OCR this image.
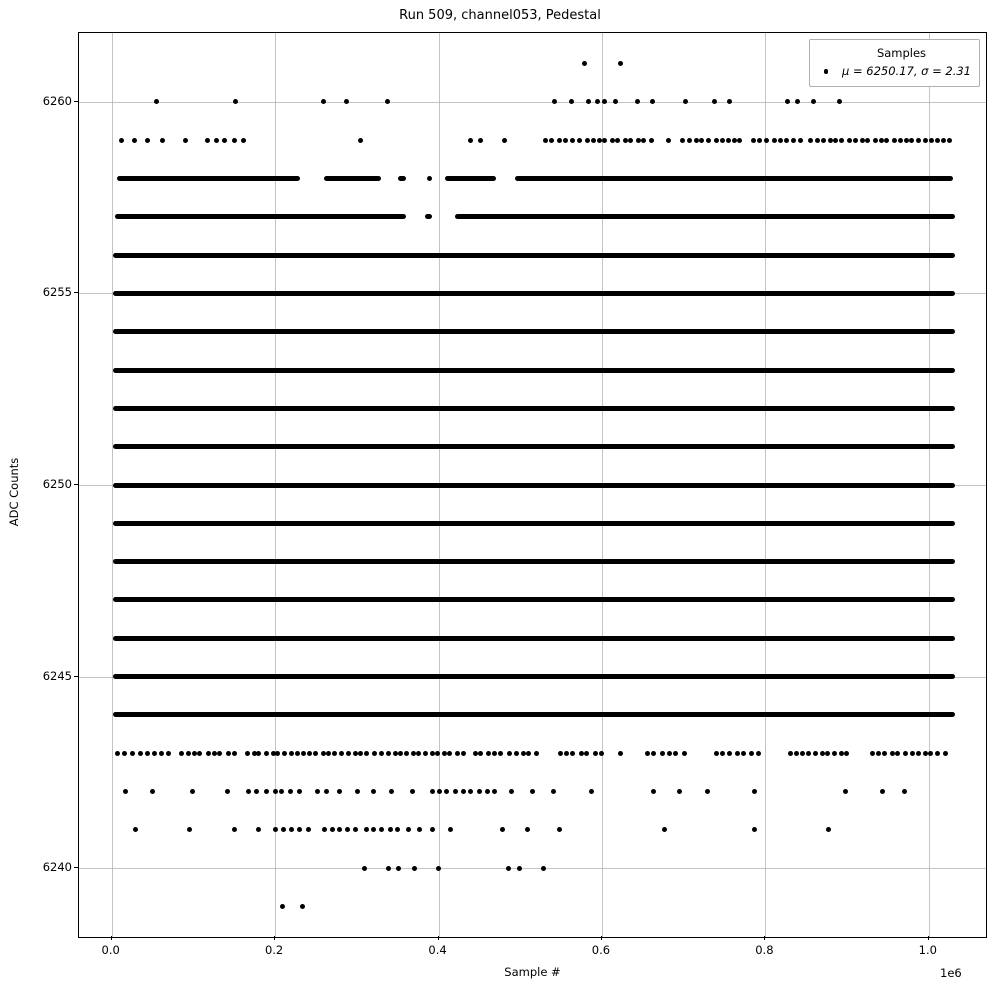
Run 509, channel053, Pedestal
Samples
μ = 6250.17, σ = 2.31
0.0	0.2	0.4	0.6	0.8	1.0
6240
6245
6250
6255
6260
Sample #
ADC Counts
1e6
